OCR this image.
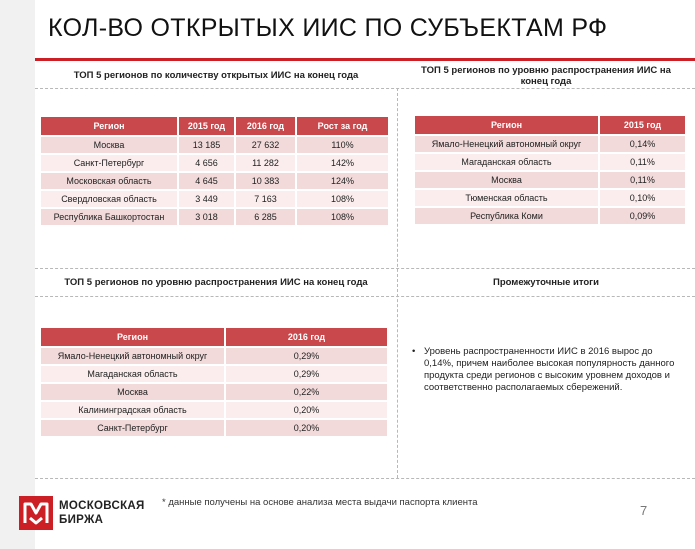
КОЛ-ВО ОТКРЫТЫХ ИИС ПО СУБЪЕКТАМ РФ

ТОП 5 регионов по количеству открытых ИИС на конец года

Регион	2015 год	2016 год	Рост за год
Москва	13 185	27 632	110%
Санкт-Петербург	4 656	11 282	142%
Московская область	4 645	10 383	124%
Свердловская область	3 449	7 163	108%
Республика Башкортостан	3 018	6 285	108%

ТОП 5 регионов по уровню распространения ИИС на
конец года

Регион	2015 год
Ямало-Ненецкий автономный округ	0,14%
Магаданская область	0,11%
Москва	0,11%
Тюменская область	0,10%
Республика Коми	0,09%

ТОП 5 регионов по уровню распространения ИИС на конец года

Регион	2016 год
Ямало-Ненецкий автономный округ	0,29%
Магаданская область	0,29%
Москва	0,22%
Калининградская область	0,20%
Санкт-Петербург	0,20%

Промежуточные итоги

• Уровень распространенности ИИС в 2016 вырос до 0,14%, причем наиболее высокая популярность данного продукта среди регионов с высоким уровнем доходов и соответственно располагаемых сбережений.
МОСКОВСКАЯ
БИРЖА
* данные получены на основе анализа места выдачи паспорта клиента
7
